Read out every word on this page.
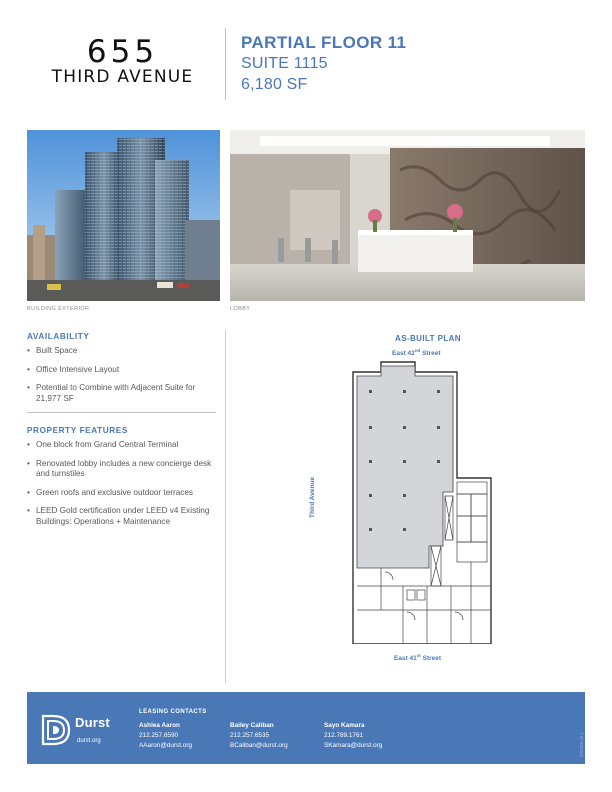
655
THIRD AVENUE
PARTIAL FLOOR 11
SUITE 1115
6,180 SF
BUILDING EXTERIOR	LOBBY
AVAILABILITY
• Built Space
• Office Intensive Layout
• Potential to Combine with Adjacent Suite for 21,977 SF
PROPERTY FEATURES
• One block from Grand Central Terminal
• Renovated lobby includes a new concierge desk and turnstiles
• Green roofs and exclusive outdoor terraces
• LEED Gold certification under LEED v4 Existing Buildings: Operations + Maintenance
AS-BUILT PLAN
East 42nd Street
Third Avenue
East 41st Street
Durst
durst.org
LEASING CONTACTS
Ashlea Aaron
212.257.6590
AAaron@durst.org
Bailey Caliban
212.257.6535
BCaliban@durst.org
Sayo Kamara
212.789.1761
SKamara@durst.org	250325-v9.1
